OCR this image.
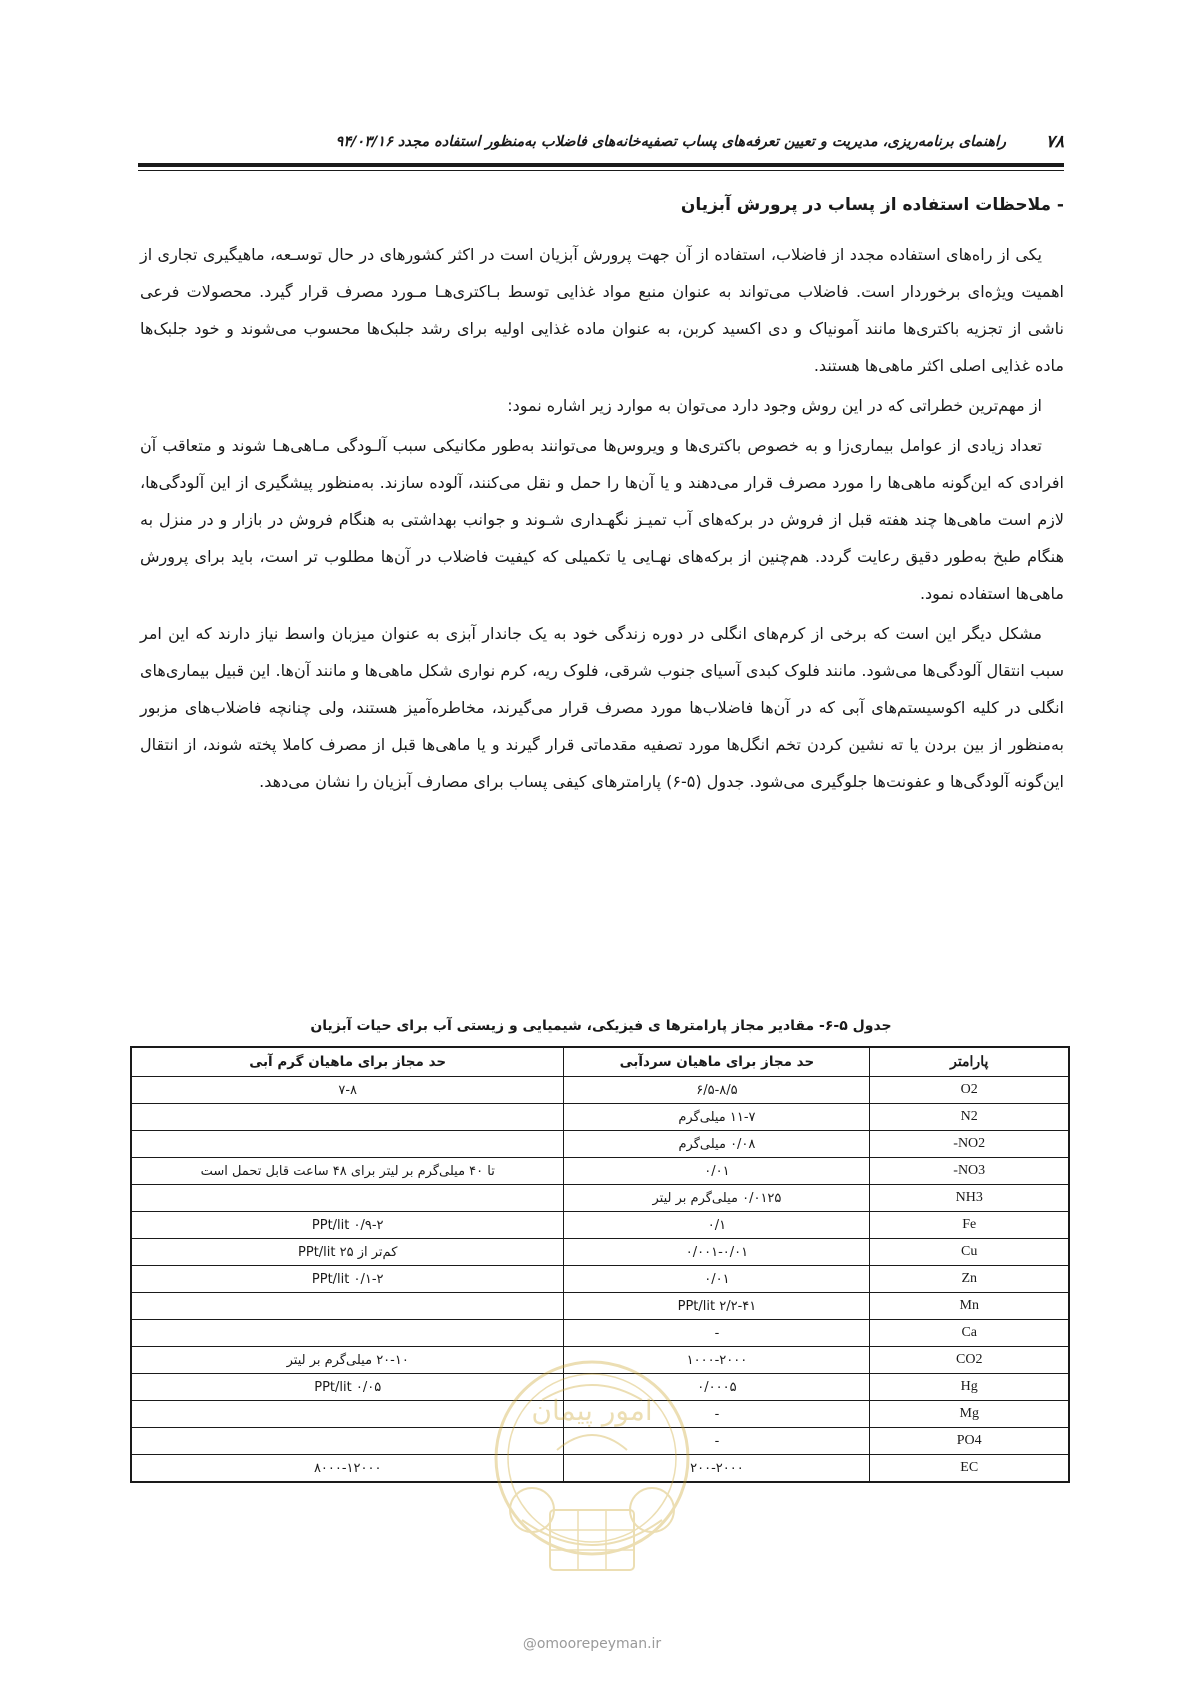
۷۸
راهنمای برنامه‌ریزی، مدیریت و تعیین تعرفه‌های پساب تصفیه‌خانه‌های فاضلاب به‌منظور استفاده مجدد ۹۴/۰۳/۱۶
- ملاحظات استفاده از پساب در پرورش آبزیان

یکی از راه‌های استفاده مجدد از فاضلاب، استفاده از آن جهت پرورش آبزیان است در اکثر کشورهای در حال توسـعه، ماهیگیری تجاری از اهمیت ویژه‌ای برخوردار است. فاضلاب می‌تواند به عنوان منبع مواد غذایی توسط بـاکتری‌هـا مـورد مصرف قرار گیرد. محصولات فرعی ناشی از تجزیه باکتری‌ها مانند آمونیاک و دی اکسید کربن، به عنوان ماده غذایی اولیه برای رشد جلبک‌ها محسوب می‌شوند و خود جلبک‌ها ماده غذایی اصلی اکثر ماهی‌ها هستند.

از مهم‌ترین خطراتی که در این روش وجود دارد می‌توان به موارد زیر اشاره نمود:

تعداد زیادی از عوامل بیماری‌زا و به خصوص باکتری‌ها و ویروس‌ها می‌توانند به‌طور مکانیکی سبب آلـودگی مـاهی‌هـا شوند و متعاقب آن افرادی که این‌گونه ماهی‌ها را مورد مصرف قرار می‌دهند و یا آن‌ها را حمل و نقل می‌کنند، آلوده سازند. به‌منظور پیشگیری از این آلودگی‌ها، لازم است ماهی‌ها چند هفته قبل از فروش در برکه‌های آب تمیـز نگهـداری شـوند و جوانب بهداشتی به هنگام فروش در بازار و در منزل به هنگام طبخ به‌طور دقیق رعایت گردد. هم‌چنین از برکه‌های نهـایی یا تکمیلی که کیفیت فاضلاب در آن‌ها مطلوب تر است، باید برای پرورش ماهی‌ها استفاده نمود.

مشکل دیگر این است که برخی از کرم‌های انگلی در دوره زندگی خود به یک جاندار آبزی به عنوان میزبان واسط نیاز دارند که این امر سبب انتقال آلودگی‌ها می‌شود. مانند فلوک کبدی آسیای جنوب شرقی، فلوک ریه، کرم نواری شکل ماهی‌ها و مانند آن‌ها. این قبیل بیماری‌های انگلی در کلیه اکوسیستم‌های آبی که در آن‌ها فاضلاب‌ها مورد مصرف قرار می‌گیرند، مخاطره‌آمیز هستند، ولی چنانچه فاضلاب‌های مزبور به‌منظور از بین بردن یا ته نشین کردن تخم انگل‌ها مورد تصفیه مقدماتی قرار گیرند و یا ماهی‌ها قبل از مصرف کاملا پخته شوند، از انتقال این‌گونه آلودگی‌ها و عفونت‌ها جلوگیری می‌شود. جدول (۵-۶) پارامترهای کیفی پساب برای مصارف آبزیان را نشان می‌دهد.

جدول ۵-۶- مقادیر مجاز پارامترها ی فیزیکی، شیمیایی و زیستی آب برای حیات آبزیان
پارامتر	حد مجاز برای ماهیان سردآبی	حد مجاز برای ماهیان گرم آبی
O2	۶/۵-۸/۵	۷-۸
N2	۱۱-۷ میلی‌گرم	
NO2-	۰/۰۸ میلی‌گرم	
NO3-	۰/۰۱	تا ۴۰ میلی‌گرم بر لیتر برای ۴۸ ساعت قابل تحمل است
NH3	۰/۰۱۲۵ میلی‌گرم بر لیتر	
Fe	۰/۱	PPt/lit ۰/۹-۲
Cu	۰/۰۰۱-۰/۰۱	کم‌تر از ۲۵ PPt/lit
Zn	۰/۰۱	PPt/lit ۰/۱-۲
Mn	PPt/lit ۲/۲-۴۱	
Ca	-	
CO2	۱۰۰۰-۲۰۰۰	۲۰-۱۰ میلی‌گرم بر لیتر
Hg	۰/۰۰۰۵	PPt/lit ۰/۰۵
Mg	-	
PO4	-	
EC	۲۰۰-۲۰۰۰	۸۰۰۰-۱۲۰۰۰
امور پیمان
@omoorepeyman.ir
